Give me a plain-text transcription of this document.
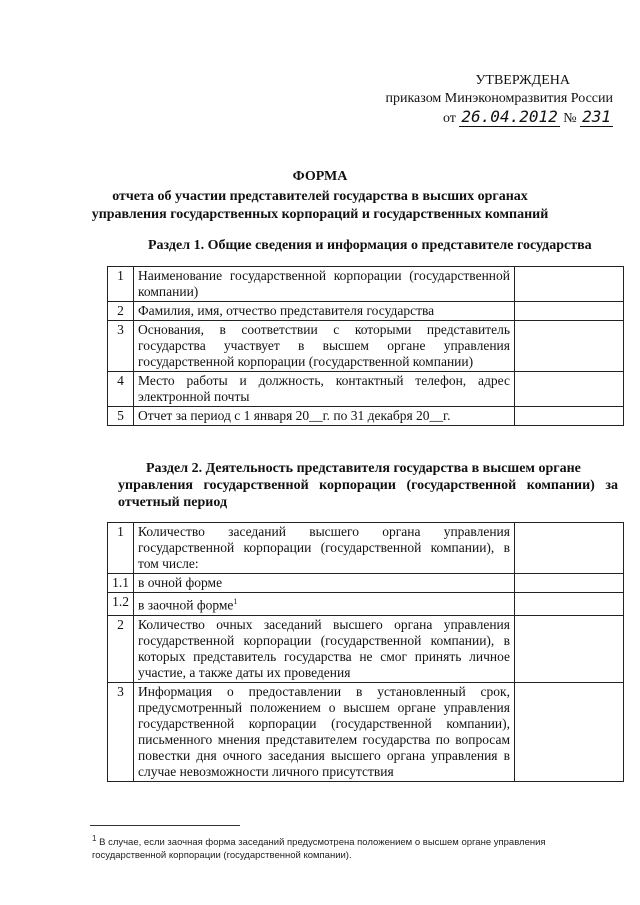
УТВЕРЖДЕНА
приказом Минэкономразвития России
от 26.04.2012 № 231
ФОРМА
отчета об участии представителей государства в высших органах
управления государственных корпораций и государственных компаний
Раздел 1. Общие сведения и информация о представителе государства
1	Наименование государственной корпорации (государственной компании)	
2	Фамилия, имя, отчество представителя государства	
3	Основания, в соответствии с которыми представитель государства участвует в высшем органе управления государственной корпорации (государственной компании)	
4	Место работы и должность, контактный телефон, адрес электронной почты	
5	Отчет за период с 1 января 20__г. по 31 декабря 20__г.	
Раздел 2. Деятельность представителя государства в высшем органе
управления государственной корпорации (государственной компании) за отчетный период
1	Количество заседаний высшего органа управления государственной корпорации (государственной компании), в том числе:	
1.1	в очной форме	
1.2	в заочной форме$^1$	
2	Количество очных заседаний высшего органа управления государственной корпорации (государственной компании), в которых представитель государства не смог принять личное участие, а также даты их проведения	
3	Информация о предоставлении в установленный срок, предусмотренный положением о высшем органе управления государственной корпорации (государственной компании), письменного мнения представителем государства по вопросам повестки дня очного заседания высшего органа управления в случае невозможности личного присутствия	
$^1$ В случае, если заочная форма заседаний предусмотрена положением о высшем органе управления государственной корпорации (государственной компании).
